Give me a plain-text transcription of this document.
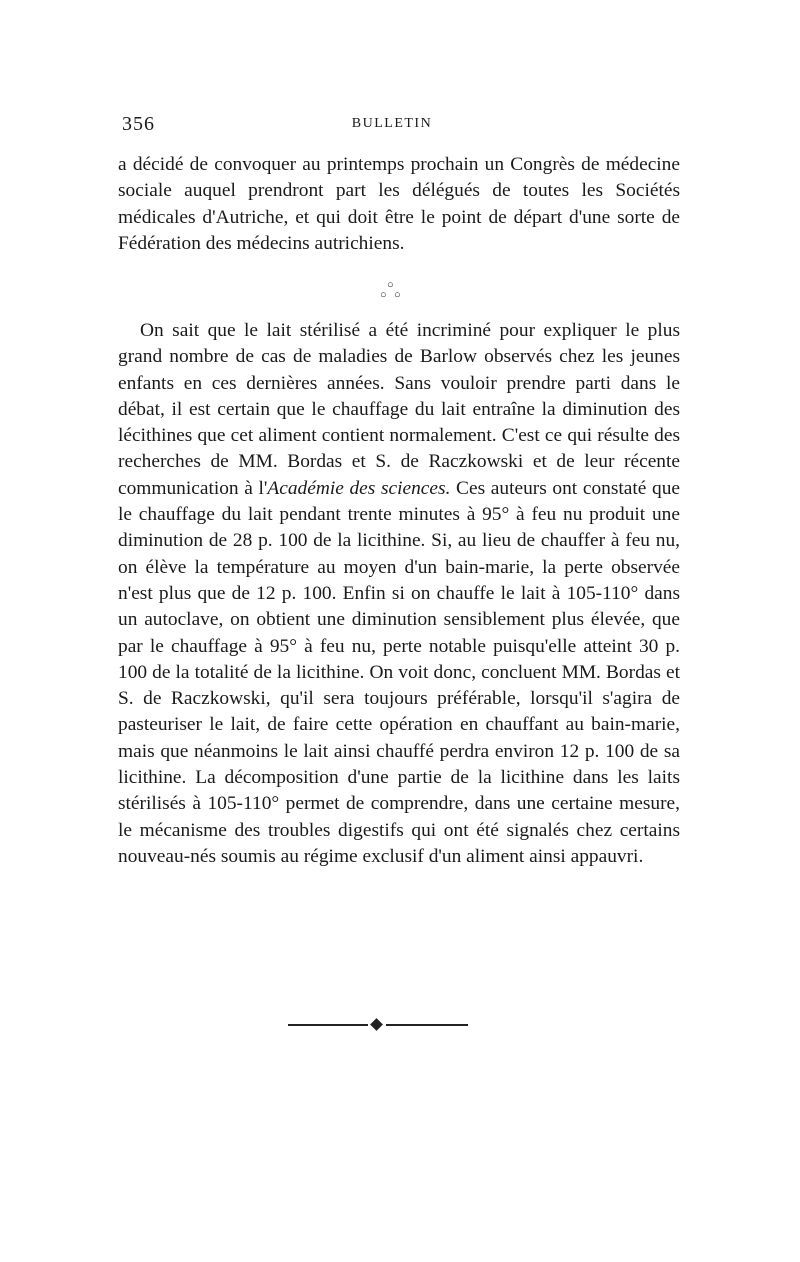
356	BULLETIN

a décidé de convoquer au printemps prochain un Congrès de médecine sociale auquel prendront part les délégués de toutes les Sociétés médicales d'Autriche, et qui doit être le point de départ d'une sorte de Fédération des médecins autrichiens.

○
○ ○

On sait que le lait stérilisé a été incriminé pour expliquer le plus grand nombre de cas de maladies de Barlow observés chez les jeunes enfants en ces dernières années. Sans vouloir prendre parti dans le débat, il est certain que le chauffage du lait entraîne la diminution des lécithines que cet aliment contient normalement. C'est ce qui résulte des recherches de MM. Bordas et S. de Raczkowski et de leur récente communication à l'Académie des sciences. Ces auteurs ont constaté que le chauffage du lait pendant trente minutes à 95° à feu nu produit une diminution de 28 p. 100 de la licithine. Si, au lieu de chauffer à feu nu, on élève la température au moyen d'un bain-marie, la perte observée n'est plus que de 12 p. 100. Enfin si on chauffe le lait à 105-110° dans un autoclave, on obtient une diminution sensiblement plus élevée, que par le chauffage à 95° à feu nu, perte notable puisqu'elle atteint 30 p. 100 de la totalité de la licithine. On voit donc, concluent MM. Bordas et S. de Raczkowski, qu'il sera toujours préférable, lorsqu'il s'agira de pasteuriser le lait, de faire cette opération en chauffant au bain-marie, mais que néanmoins le lait ainsi chauffé perdra environ 12 p. 100 de sa licithine. La décomposition d'une partie de la licithine dans les laits stérilisés à 105-110° permet de comprendre, dans une certaine mesure, le mécanisme des troubles digestifs qui ont été signalés chez certains nouveau-nés soumis au régime exclusif d'un aliment ainsi appauvri.
